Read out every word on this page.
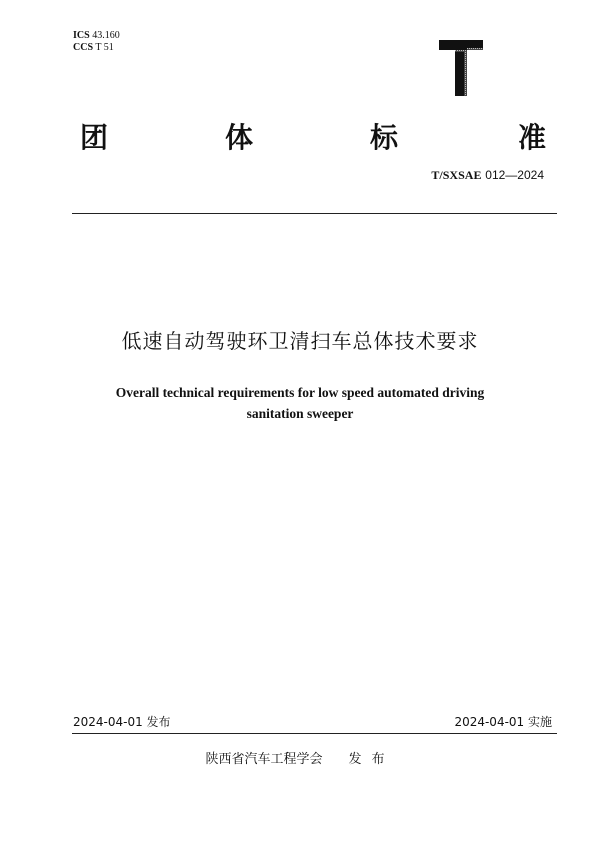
ICS 43.160
CCS T 51
团	体	标	准
T/SXSAE 012—2024
低速自动驾驶环卫清扫车总体技术要求
Overall technical requirements for low speed automated driving
sanitation sweeper
2024-04-01 发布	2024-04-01 实施
陕西省汽车工程学会 发布
